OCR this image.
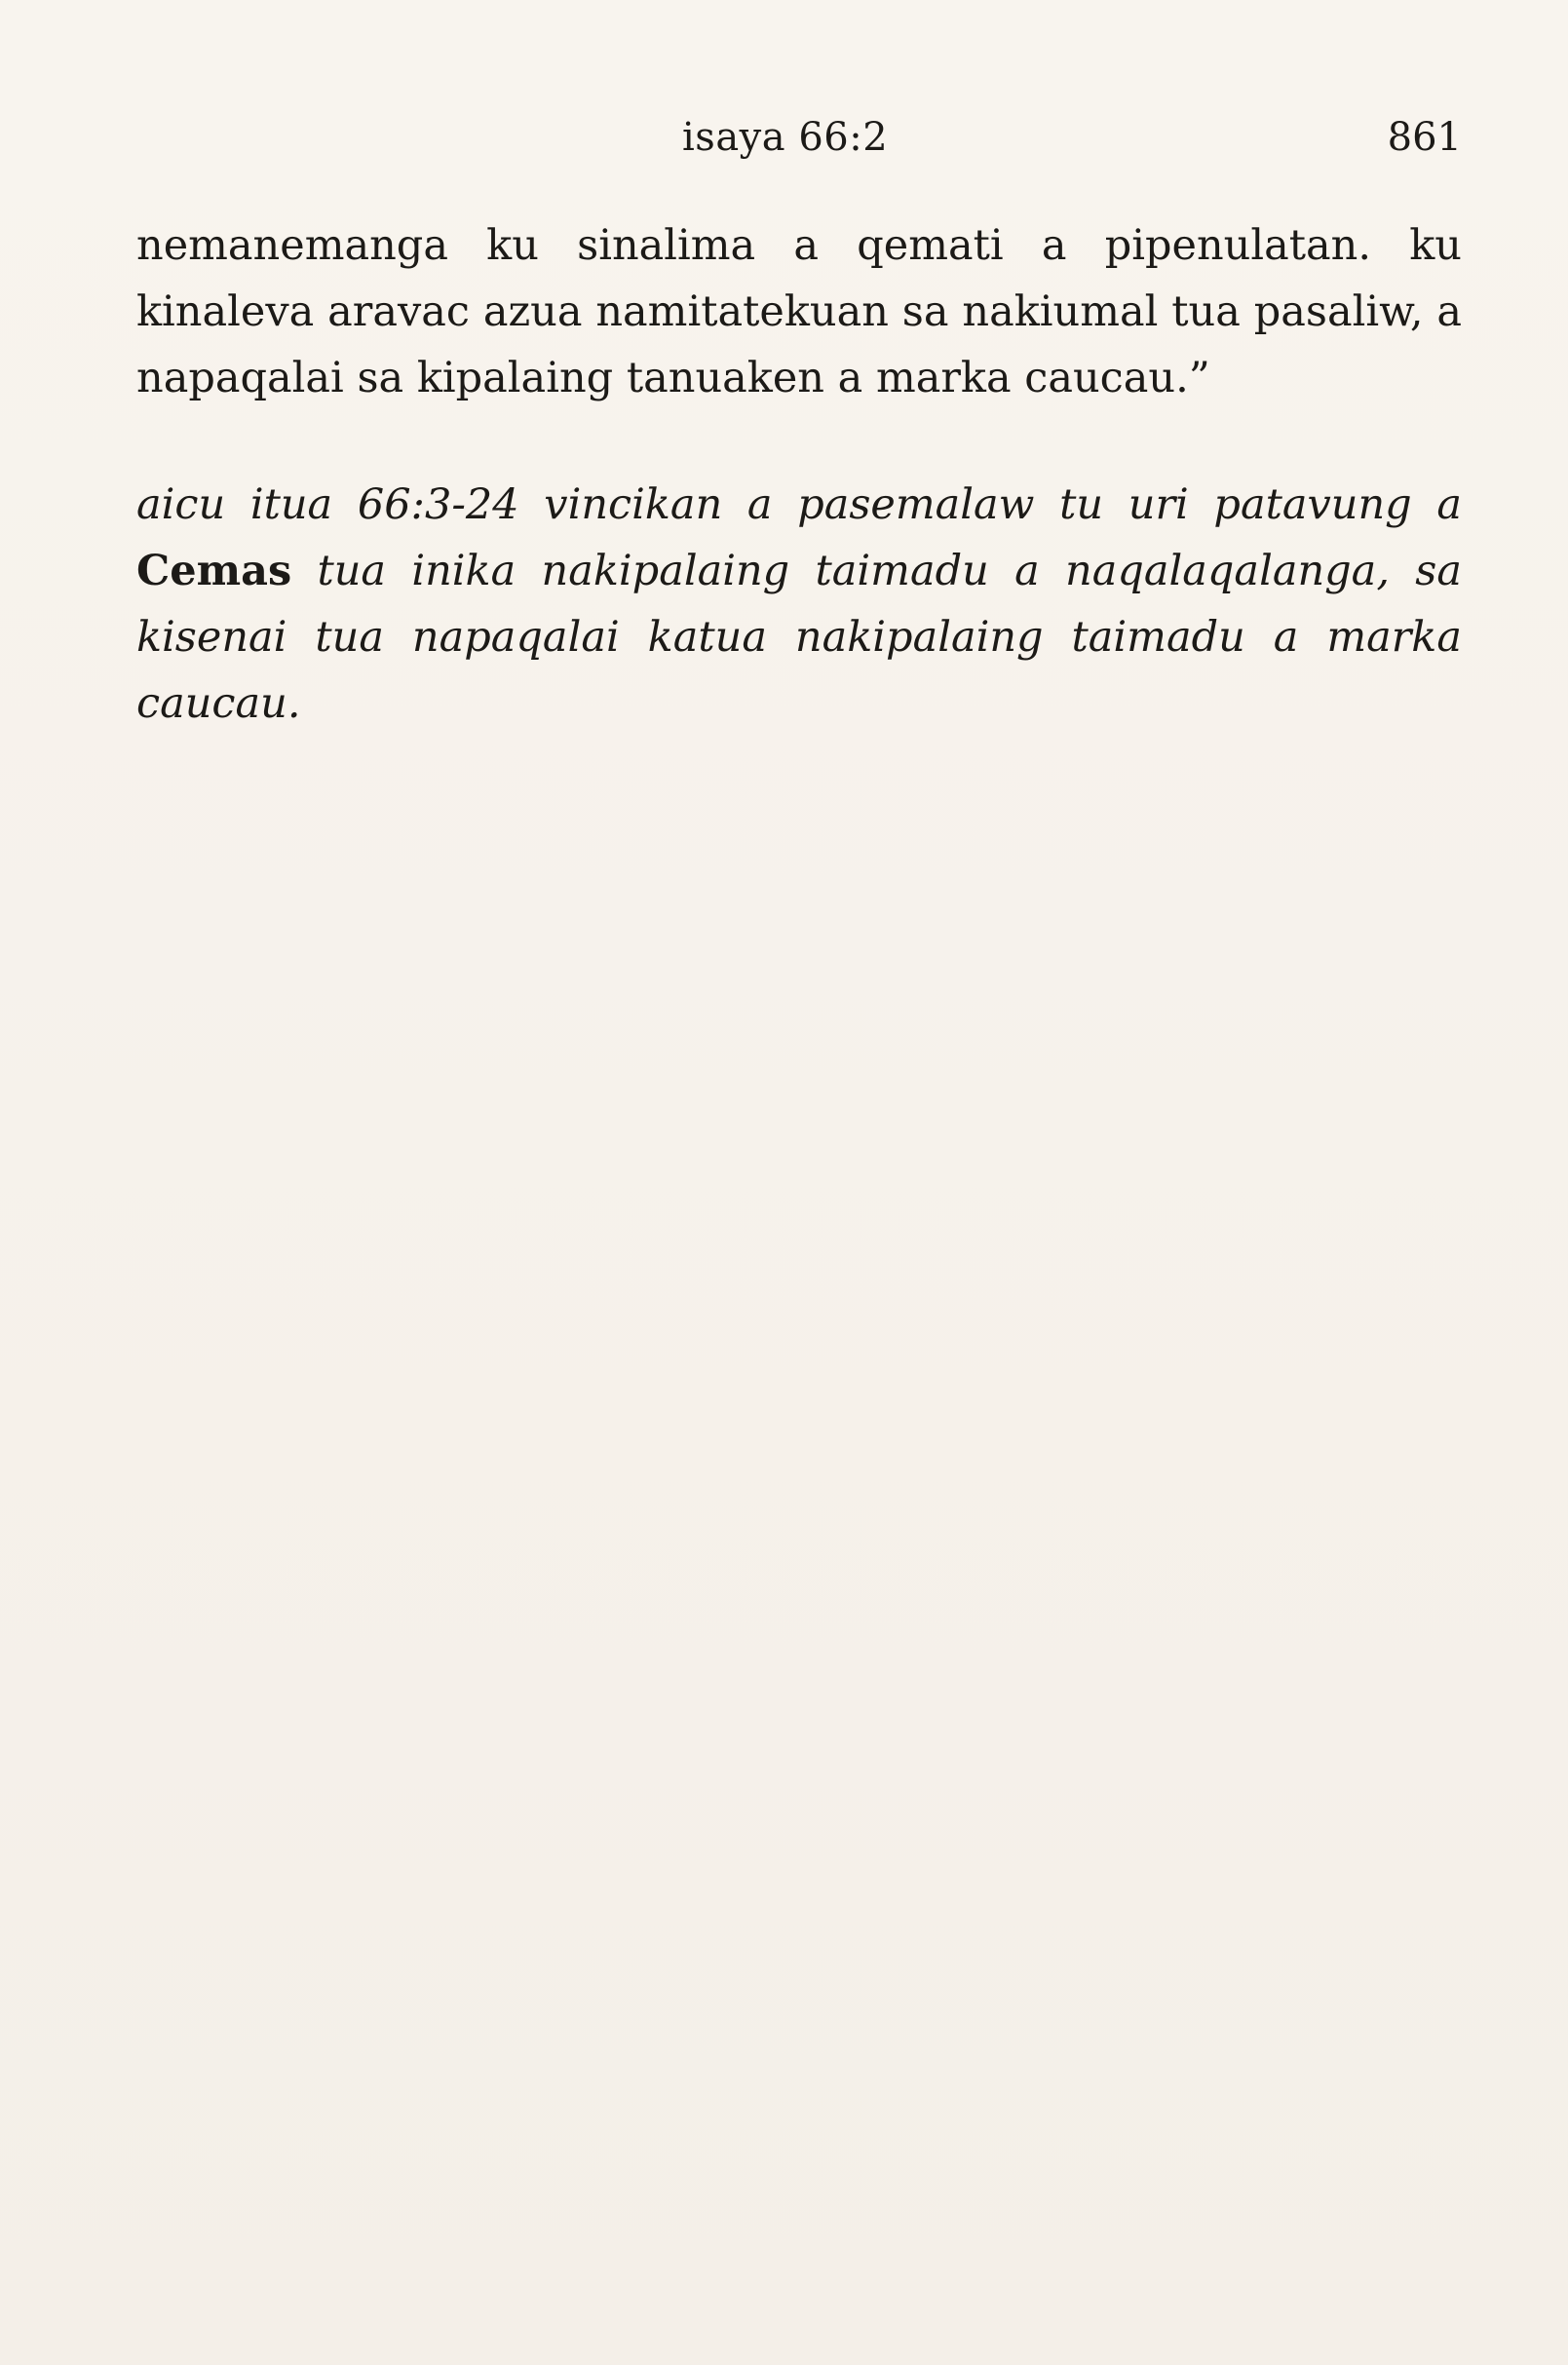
isaya 66:2	861

nemanemanga ku sinalima a qemati a pipenulatan. ku kinaleva aravac azua namitatekuan sa nakiumal tua pasaliw, a napaqalai sa kipalaing tanuaken a marka caucau.”

aicu itua 66:3-24 vincikan a pasemalaw tu uri patavung a Cemas tua inika nakipalaing taimadu a naqalaqalanga, sa kisenai tua napaqalai katua nakipalaing taimadu a marka caucau.
